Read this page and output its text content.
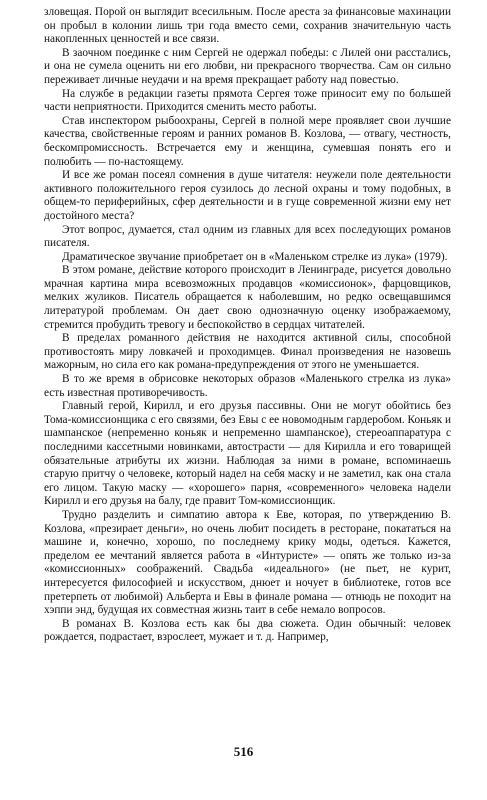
зловещая. Порой он выглядит всесильным. После ареста за финансовые махинации он пробыл в колонии лишь три года вместо семи, сохранив значительную часть накопленных ценностей и все связи.

В заочном поединке с ним Сергей не одержал победы: с Лилей они расстались, и она не сумела оценить ни его любви, ни прекрасного творчества. Сам он сильно переживает личные неудачи и на время прекращает работу над повестью.

На службе в редакции газеты прямота Сергея тоже приносит ему по большей части неприятности. Приходится сменить место работы.

Став инспектором рыбоохраны, Сергей в полной мере проявляет свои лучшие качества, свойственные героям и ранних романов В. Козлова, — отвагу, честность, бескомпромиссность. Встречается ему и женщина, сумевшая понять его и полюбить — по-настоящему.

И все же роман посеял сомнения в душе читателя: неужели поле деятельности активного положительного героя сузилось до лесной охраны и тому подобных, в общем-то периферийных, сфер деятельности и в гуще современной жизни ему нет достойного места?

Этот вопрос, думается, стал одним из главных для всех последующих романов писателя.

Драматическое звучание приобретает он в «Маленьком стрелке из лука» (1979).

В этом романе, действие которого происходит в Ленинграде, рисуется довольно мрачная картина мира всевозможных продавцов «комиссионок», фарцовщиков, мелких жуликов. Писатель обращается к наболевшим, но редко освещавшимся литературой проблемам. Он дает свою однозначную оценку изображаемому, стремится пробудить тревогу и беспокойство в сердцах читателей.

В пределах романного действия не находится активной силы, способной противостоять миру ловкачей и проходимцев. Финал произведения не назовешь мажорным, но сила его как романа-предупреждения от этого не уменьшается.

В то же время в обрисовке некоторых образов «Маленького стрелка из лука» есть известная противоречивость.

Главный герой, Кирилл, и его друзья пассивны. Они не могут обойтись без Тома-комиссионщика с его связями, без Евы с ее новомодным гардеробом. Коньяк и шампанское (непременно коньяк и непременно шампанское), стереоаппаратура с последними кассетными новинками, автострасти — для Кирилла и его товарищей обязательные атрибуты их жизни. Наблюдая за ними в романе, вспоминаешь старую притчу о человеке, который надел на себя маску и не заметил, как она стала его лицом. Такую маску — «хорошего» парня, «современного» человека надели Кирилл и его друзья на балу, где правит Том-комиссионщик.

Трудно разделить и симпатию автора к Еве, которая, по утверждению В. Козлова, «презирает деньги», но очень любит посидеть в ресторане, покататься на машине и, конечно, хорошо, по последнему крику моды, одеться. Кажется, пределом ее мечтаний является работа в «Интуристе» — опять же только из-за «комиссионных» соображений. Свадьба «идеального» (не пьет, не курит, интересуется философией и искусством, днюет и ночует в библиотеке, готов все претерпеть от любимой) Альберта и Евы в финале романа — отнюдь не походит на хэппи энд, будущая их совместная жизнь таит в себе немало вопросов.

В романах В. Козлова есть как бы два сюжета. Один обычный: человек рождается, подрастает, взрослеет, мужает и т. д. Например,

516
